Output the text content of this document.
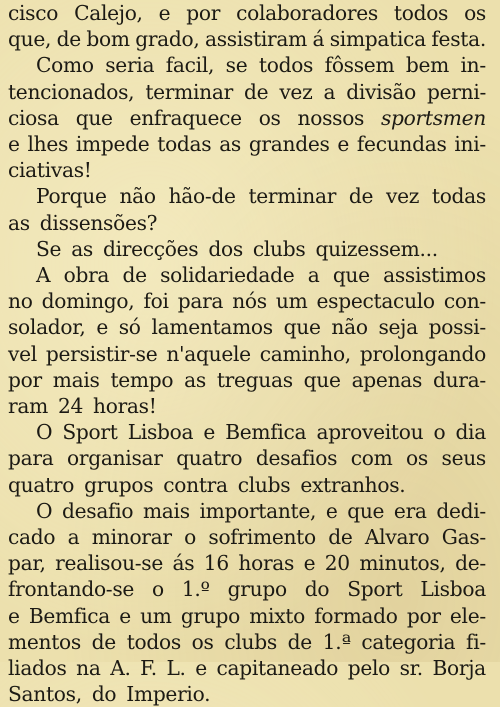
cisco Calejo, e por colaboradores todos os
que, de bom grado, assistiram á simpatica festa.
Como seria facil, se todos fôssem bem in-
tencionados, terminar de vez a divisão perni-
ciosa que enfraquece os nossos sportsmen
e lhes impede todas as grandes e fecundas ini-
ciativas!
Porque não hão-de terminar de vez todas
as dissensões?
Se as direcções dos clubs quizessem...
A obra de solidariedade a que assistimos
no domingo, foi para nós um espectaculo con-
solador, e só lamentamos que não seja possi-
vel persistir-se n'aquele caminho, prolongando
por mais tempo as treguas que apenas dura-
ram 24 horas!
O Sport Lisboa e Bemfica aproveitou o dia
para organisar quatro desafios com os seus
quatro grupos contra clubs extranhos.
O desafio mais importante, e que era dedi-
cado a minorar o sofrimento de Alvaro Gas-
par, realisou-se ás 16 horas e 20 minutos, de-
frontando-se o 1.º grupo do Sport Lisboa
e Bemfica e um grupo mixto formado por ele-
mentos de todos os clubs de 1.ª categoria fi-
liados na A. F. L. e capitaneado pelo sr. Borja
Santos, do Imperio.
